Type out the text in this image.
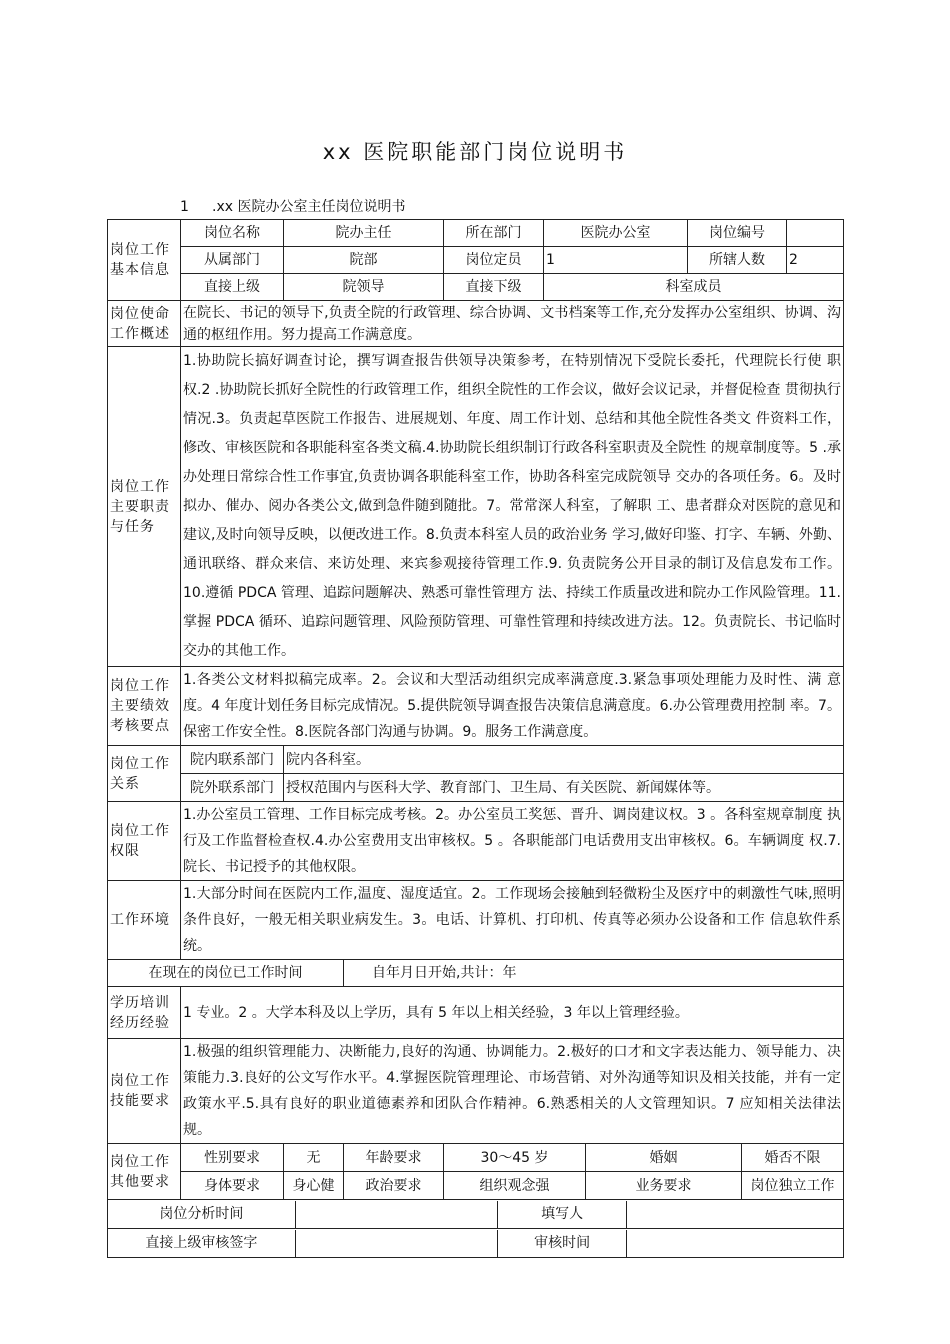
xx 医院职能部门岗位说明书
1 .xx 医院办公室主任岗位说明书
岗位工作基本信息	岗位名称	院办主任	所在部门	医院办公室	岗位编号	
从属部门	院部	岗位定员	1	所辖人数	2
直接上级	院领导	直接下级	科室成员
岗位使命工作概述	在院长、书记的领导下,负责全院的行政管理、综合协调、文书档案等工作,充分发挥办公室组织、协调、沟通的枢纽作用。努力提高工作满意度。
岗位工作主要职责与任务	1.协助院长搞好调查讨论，撰写调查报告供领导决策参考，在特别情况下受院长委托，代理院长行使 职权.2 .协助院长抓好全院性的行政管理工作，组织全院性的工作会议，做好会议记录，并督促检查 贯彻执行情况.3。负责起草医院工作报告、进展规划、年度、周工作计划、总结和其他全院性各类文 件资料工作，修改、审核医院和各职能科室各类文稿.4.协助院长组织制订行政各科室职责及全院性 的规章制度等。5 .承办处理日常综合性工作事宜,负责协调各职能科室工作，协助各科室完成院领导 交办的各项任务。6。及时拟办、催办、阅办各类公文,做到急件随到随批。7。常常深人科室，了解职 工、患者群众对医院的意见和建议,及时向领导反映，以便改进工作。8.负责本科室人员的政治业务 学习,做好印鉴、打字、车辆、外勤、通讯联络、群众来信、来访处理、来宾参观接待管理工作.9. 负责院务公开目录的制订及信息发布工作。10.遵循 PDCA 管理、追踪问题解决、熟悉可靠性管理方 法、持续工作质量改进和院办工作风险管理。11.掌握 PDCA 循环、追踪问题管理、风险预防管理、可靠性管理和持续改进方法。12。负责院长、书记临时交办的其他工作。
岗位工作主要绩效考核要点	1.各类公文材料拟稿完成率。2。会议和大型活动组织完成率满意度.3.紧急事项处理能力及时性、满 意度。4 年度计划任务目标完成情况。5.提供院领导调查报告决策信息满意度。6.办公管理费用控制 率。7。保密工作安全性。8.医院各部门沟通与协调。9。服务工作满意度。
岗位工作关系	院内联系部门	院内各科室。
院外联系部门	授权范围内与医科大学、教育部门、卫生局、有关医院、新闻媒体等。
岗位工作权限	1.办公室员工管理、工作目标完成考核。2。办公室员工奖惩、晋升、调岗建议权。3 。各科室规章制度 执行及工作监督检查权.4.办公室费用支出审核权。5 。各职能部门电话费用支出审核权。6。车辆调度 权.7.院长、书记授予的其他权限。
工作环境	1.大部分时间在医院内工作,温度、湿度适宜。2。工作现场会接触到轻微粉尘及医疗中的刺激性气味,照明条件良好，一般无相关职业病发生。3。电话、计算机、打印机、传真等必须办公设备和工作 信息软件系统。
在现在的岗位已工作时间	自年月日开始,共计：年
学历培训经历经验	1 专业。2 。大学本科及以上学历，具有 5 年以上相关经验，3 年以上管理经验。
岗位工作技能要求	1.极强的组织管理能力、决断能力,良好的沟通、协调能力。2.极好的口才和文字表达能力、领导能力、决策能力.3.良好的公文写作水平。4.掌握医院管理理论、市场营销、对外沟通等知识及相关技能，并有一定政策水平.5.具有良好的职业道德素养和团队合作精神。6.熟悉相关的人文管理知识。7 应知相关法律法规。
岗位工作其他要求	性别要求	无	年龄要求	30～45 岁	婚姻	婚否不限
身体要求	身心健	政治要求	组织观念强	业务要求	岗位独立工作

岗位分析时间		填写人	

直接上级审核签字		审核时间	
